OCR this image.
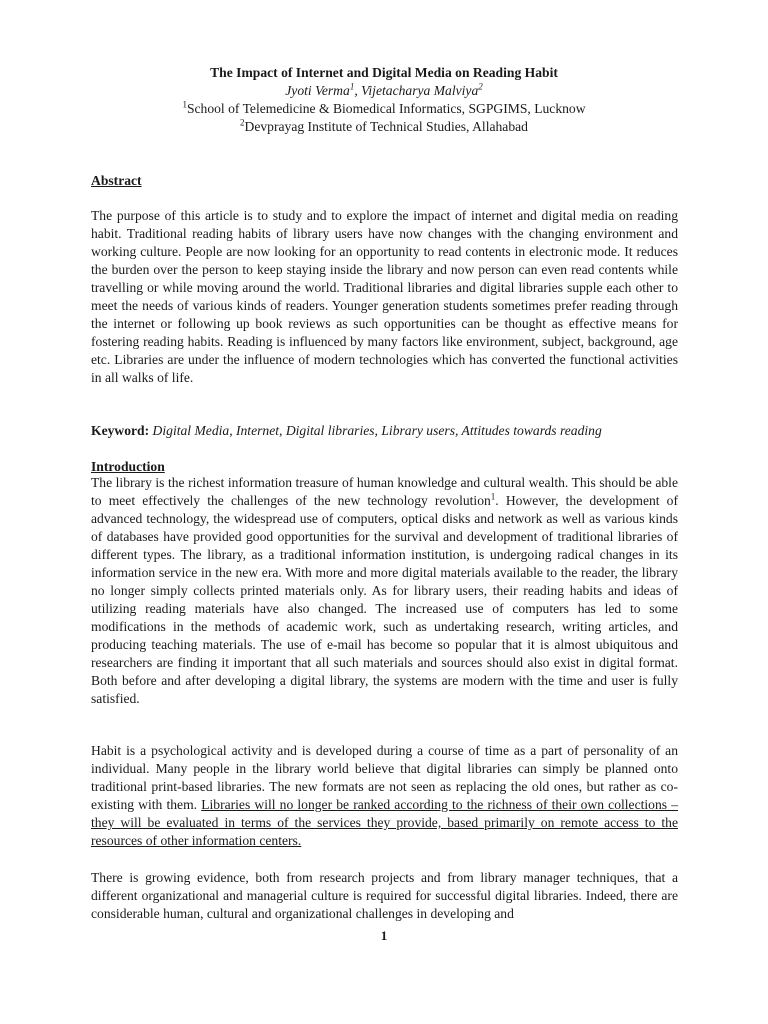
The Impact of Internet and Digital Media on Reading Habit
Jyoti Verma$^1$, Vijetacharya Malviya$^2$
$^1$School of Telemedicine & Biomedical Informatics, SGPGIMS, Lucknow
$^2$Devprayag Institute of Technical Studies, Allahabad
Abstract

The purpose of this article is to study and to explore the impact of internet and digital media on reading habit. Traditional reading habits of library users have now changes with the changing environment and working culture. People are now looking for an opportunity to read contents in electronic mode. It reduces the burden over the person to keep staying inside the library and now person can even read contents while travelling or while moving around the world. Traditional libraries and digital libraries supple each other to meet the needs of various kinds of readers. Younger generation students sometimes prefer reading through the internet or following up book reviews as such opportunities can be thought as effective means for fostering reading habits. Reading is influenced by many factors like environment, subject, background, age etc. Libraries are under the influence of modern technologies which has converted the functional activities in all walks of life.

Keyword: Digital Media, Internet, Digital libraries, Library users, Attitudes towards reading
Introduction

The library is the richest information treasure of human knowledge and cultural wealth. This should be able to meet effectively the challenges of the new technology revolution$^1$. However, the development of advanced technology, the widespread use of computers, optical disks and network as well as various kinds of databases have provided good opportunities for the survival and development of traditional libraries of different types. The library, as a traditional information institution, is undergoing radical changes in its information service in the new era. With more and more digital materials available to the reader, the library no longer simply collects printed materials only. As for library users, their reading habits and ideas of utilizing reading materials have also changed. The increased use of computers has led to some modifications in the methods of academic work, such as undertaking research, writing articles, and producing teaching materials. The use of e-mail has become so popular that it is almost ubiquitous and researchers are finding it important that all such materials and sources should also exist in digital format. Both before and after developing a digital library, the systems are modern with the time and user is fully satisfied.

Habit is a psychological activity and is developed during a course of time as a part of personality of an individual. Many people in the library world believe that digital libraries can simply be planned onto traditional print-based libraries. The new formats are not seen as replacing the old ones, but rather as co-existing with them. Libraries will no longer be ranked according to the richness of their own collections – they will be evaluated in terms of the services they provide, based primarily on remote access to the resources of other information centers.

There is growing evidence, both from research projects and from library manager techniques, that a different organizational and managerial culture is required for successful digital libraries. Indeed, there are considerable human, cultural and organizational challenges in developing and

1
